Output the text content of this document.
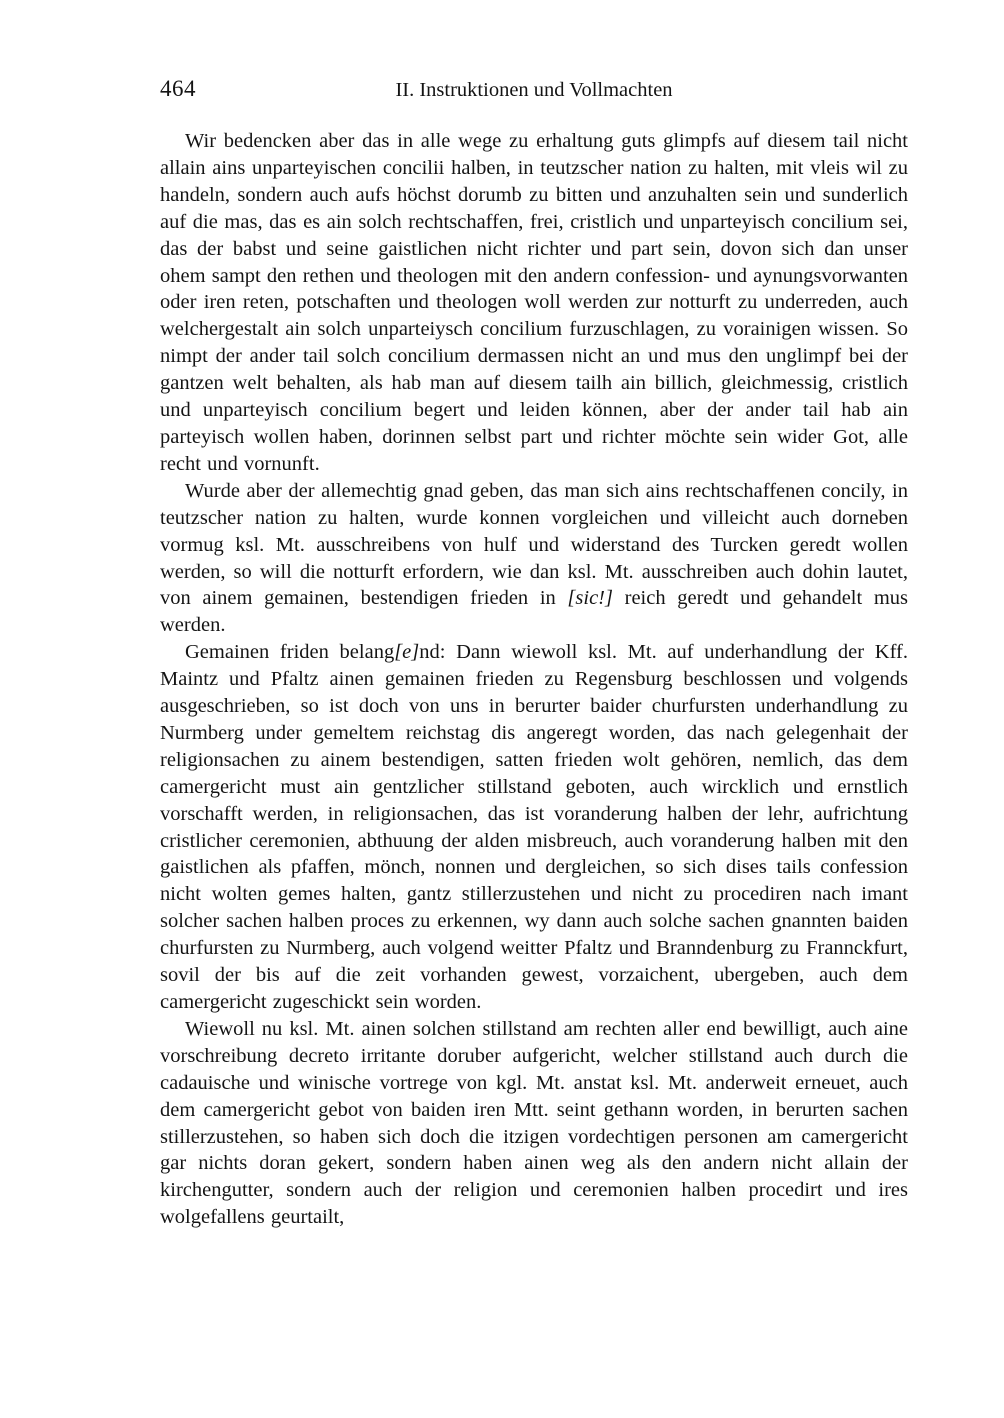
464	II. Instruktionen und Vollmachten

Wir bedencken aber das in alle wege zu erhaltung guts glimpfs auf diesem tail nicht allain ains unparteyischen concilii halben, in teutzscher nation zu halten, mit vleis wil zu handeln, sondern auch aufs höchst dorumb zu bitten und anzuhalten sein und sunderlich auf die mas, das es ain solch rechtschaffen, frei, cristlich und unparteyisch concilium sei, das der babst und seine gaistlichen nicht richter und part sein, dovon sich dan unser ohem sampt den rethen und theologen mit den andern confession- und aynungsvorwanten oder iren reten, potschaften und theologen woll werden zur notturft zu underreden, auch welchergestalt ain solch unparteiysch concilium furzuschlagen, zu vorainigen wissen. So nimpt der ander tail solch concilium dermassen nicht an und mus den unglimpf bei der gantzen welt behalten, als hab man auf diesem tailh ain billich, gleichmessig, cristlich und unparteyisch concilium begert und leiden können, aber der ander tail hab ain parteyisch wollen haben, dorinnen selbst part und richter möchte sein wider Got, alle recht und vornunft.

Wurde aber der allemechtig gnad geben, das man sich ains rechtschaffenen concily, in teutzscher nation zu halten, wurde konnen vorgleichen und villeicht auch dorneben vormug ksl. Mt. ausschreibens von hulf und widerstand des Turcken geredt wollen werden, so will die notturft erfordern, wie dan ksl. Mt. ausschreiben auch dohin lautet, von ainem gemainen, bestendigen frieden in [sic!] reich geredt und gehandelt mus werden.

Gemainen friden belang[e]nd: Dann wiewoll ksl. Mt. auf underhandlung der Kff. Maintz und Pfaltz ainen gemainen frieden zu Regensburg beschlossen und volgends ausgeschrieben, so ist doch von uns in berurter baider churfursten underhandlung zu Nurmberg under gemeltem reichstag dis angeregt worden, das nach gelegenhait der religionsachen zu ainem bestendigen, satten frieden wolt gehören, nemlich, das dem camergericht must ain gentzlicher stillstand geboten, auch wircklich und ernstlich vorschafft werden, in religionsachen, das ist voranderung halben der lehr, aufrichtung cristlicher ceremonien, abthuung der alden misbreuch, auch voranderung halben mit den gaistlichen als pfaffen, mönch, nonnen und dergleichen, so sich dises tails confession nicht wolten gemes halten, gantz stillerzustehen und nicht zu procediren nach imant solcher sachen halben proces zu erkennen, wy dann auch solche sachen gnannten baiden churfursten zu Nurmberg, auch volgend weitter Pfaltz und Branndenburg zu Frannckfurt, sovil der bis auf die zeit vorhanden gewest, vorzaichent, ubergeben, auch dem camergericht zugeschickt sein worden.

Wiewoll nu ksl. Mt. ainen solchen stillstand am rechten aller end bewilligt, auch aine vorschreibung decreto irritante doruber aufgericht, welcher stillstand auch durch die cadauische und winische vortrege von kgl. Mt. anstat ksl. Mt. anderweit erneuet, auch dem camergericht gebot von baiden iren Mtt. seint gethann worden, in berurten sachen stillerzustehen, so haben sich doch die itzigen vordechtigen personen am camergericht gar nichts doran gekert, sondern haben ainen weg als den andern nicht allain der kirchengutter, sondern auch der religion und ceremonien halben procedirt und ires wolgefallens geurtailt,
